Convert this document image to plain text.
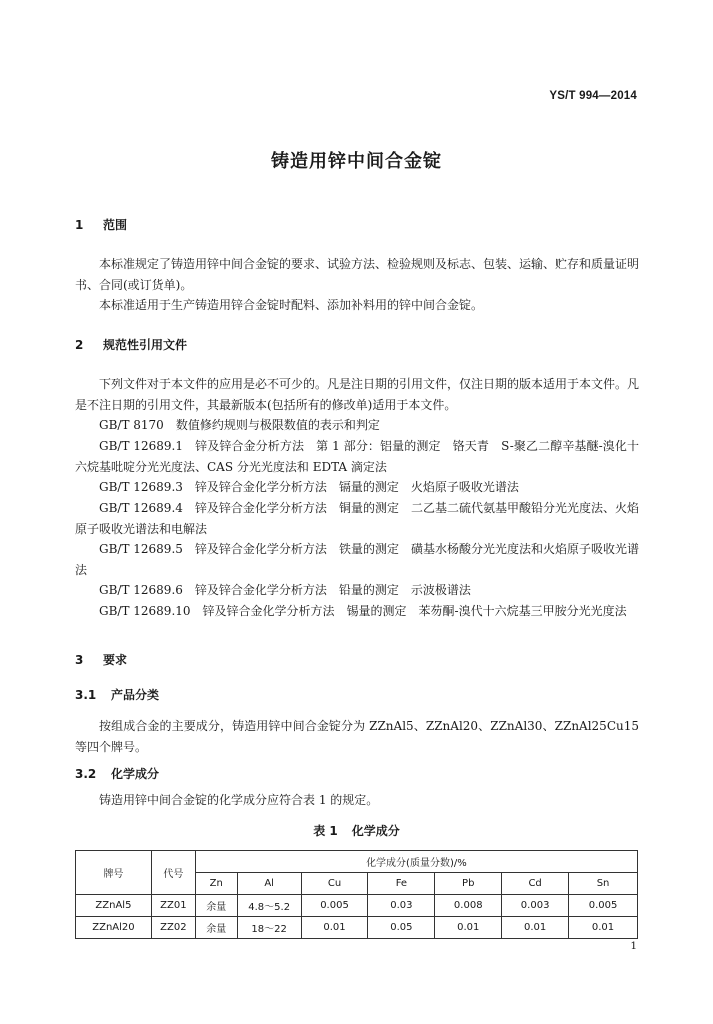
YS/T 994—2014
铸造用锌中间合金锭
1 范围
本标准规定了铸造用锌中间合金锭的要求、试验方法、检验规则及标志、包装、运输、贮存和质量证明书、合同(或订货单)。
本标准适用于生产铸造用锌合金锭时配料、添加补料用的锌中间合金锭。
2 规范性引用文件
下列文件对于本文件的应用是必不可少的。凡是注日期的引用文件，仅注日期的版本适用于本文件。凡是不注日期的引用文件，其最新版本(包括所有的修改单)适用于本文件。
GB/T 8170 数值修约规则与极限数值的表示和判定
GB/T 12689.1 锌及锌合金分析方法　第 1 部分：铝量的测定　铬天青　S-聚乙二醇辛基醚-溴化十六烷基吡啶分光光度法、CAS 分光光度法和 EDTA 滴定法
GB/T 12689.3 锌及锌合金化学分析方法　镉量的测定　火焰原子吸收光谱法
GB/T 12689.4 锌及锌合金化学分析方法　铜量的测定　二乙基二硫代氨基甲酸铅分光光度法、火焰原子吸收光谱法和电解法
GB/T 12689.5 锌及锌合金化学分析方法　铁量的测定　磺基水杨酸分光光度法和火焰原子吸收光谱法
GB/T 12689.6 锌及锌合金化学分析方法　铅量的测定　示波极谱法
GB/T 12689.10 锌及锌合金化学分析方法　锡量的测定　苯芴酮-溴代十六烷基三甲胺分光光度法
3 要求
3.1 产品分类
按组成合金的主要成分，铸造用锌中间合金锭分为 ZZnAl5、ZZnAl20、ZZnAl30、ZZnAl25Cu15 等四个牌号。
3.2 化学成分
铸造用锌中间合金锭的化学成分应符合表 1 的规定。
表 1 化学成分
牌号	代号	化学成分(质量分数)/%						
		Zn	Al	Cu	Fe	Pb	Cd	Sn
ZZnAl5	ZZ01	余量	4.8～5.2	0.005	0.03	0.008	0.003	0.005
ZZnAl20	ZZ02	余量	18～22	0.01	0.05	0.01	0.01	0.01
1
